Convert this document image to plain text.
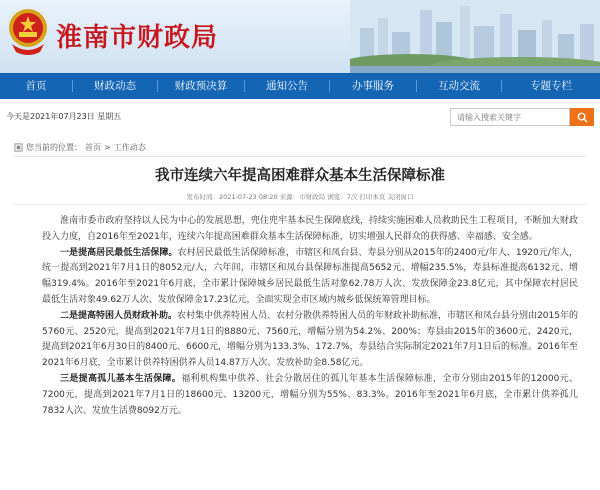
淮南市财政局
首页	财政动态	财政预决算	通知公告	办事服务	互动交流	专题专栏
今天是2021年07月23日 星期五
请输入搜索关键字
您当前的位置： 首页 > 工作动态
我市连续六年提高困难群众基本生活保障标准
发布时间：2021-07-23 08:20 来源：市财政局 浏览：7次 打印本页 关闭窗口

淮南市委市政府坚持以人民为中心的发展思想，兜住兜牢基本民生保障底线，持续实施困难人员救助民生工程项目，不断加大财政投入力度，自2016年至2021年，连续六年提高困难群众基本生活保障标准，切实增强人民群众的获得感、幸福感、安全感。

一是提高居民最低生活保障。农村居民最低生活保障标准，市辖区和凤台县、寿县分别从2015年的2400元/年人、1920元/年人，统一提高到2021年7月1日的8052元/人，六年间，市辖区和凤台县保障标准提高5652元、增幅235.5%，寿县标准提高6132元、增幅319.4%。2016年至2021年6月底，全市累计保障城乡居民最低生活对象62.78万人次、发放保障金23.8亿元，其中保障农村居民最低生活对象49.62万人次、发放保障金17.23亿元，全面实现全市区域内城乡低保统筹管理目标。

二是提高特困人员财政补助。农村集中供养特困人员、农村分散供养特困人员的年财政补助标准，市辖区和凤台县分别由2015年的5760元、2520元，提高到2021年7月1日的8880元、7560元，增幅分别为54.2%、200%；寿县由2015年的3600元、2420元，提高到2021年6月30日的8400元、6600元，增幅分别为133.3%、172.7%，寿县结合实际制定2021年7月1日后的标准。2016年至2021年6月底，全市累计供养特困供养人员14.87万人次、发放补助金8.58亿元。

三是提高孤儿基本生活保障。福利机构集中供养、社会分散居住的孤儿年基本生活保障标准，全市分别由2015年的12000元、7200元，提高到2021年7月1日的18600元、13200元，增幅分别为55%、83.3%。2016年至2021年6月底，全市累计供养孤儿7832人次、发放生活费8092万元。
